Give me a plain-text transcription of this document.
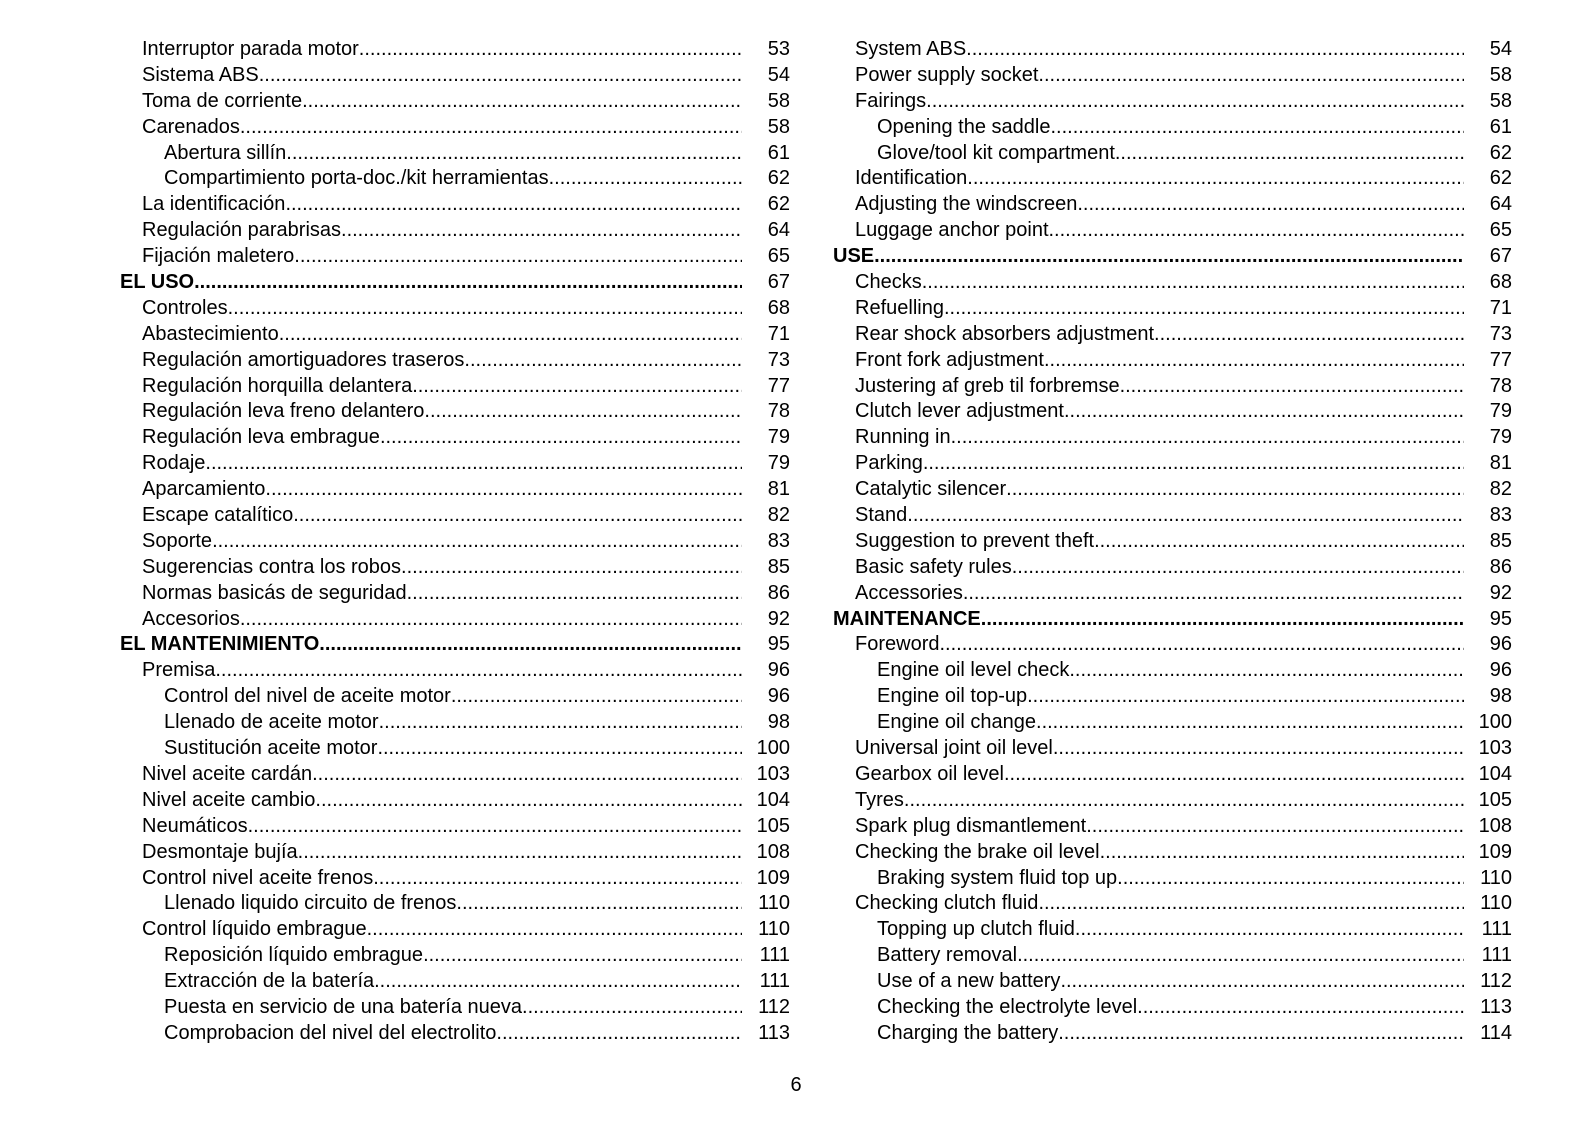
Interruptor parada motor .....	53
Sistema ABS .....	54
Toma de corriente .....	58
Carenados .....	58
Abertura sillín .....	61
Compartimiento porta-doc./kit herramientas .....	62
La identificación .....	62
Regulación parabrisas .....	64
Fijación maletero .....	65
EL USO .....	67
Controles .....	68
Abastecimiento .....	71
Regulación amortiguadores traseros .....	73
Regulación horquilla delantera .....	77
Regulación leva freno delantero .....	78
Regulación leva embrague .....	79
Rodaje .....	79
Aparcamiento .....	81
Escape catalítico .....	82
Soporte .....	83
Sugerencias contra los robos .....	85
Normas basicás de seguridad .....	86
Accesorios .....	92
EL MANTENIMIENTO .....	95
Premisa .....	96
Control del nivel de aceite motor .....	96
Llenado de aceite motor .....	98
Sustitución aceite motor .....	100
Nivel aceite cardán .....	103
Nivel aceite cambio .....	104
Neumáticos .....	105
Desmontaje bujía .....	108
Control nivel aceite frenos .....	109
Llenado liquido circuito de frenos .....	110
Control líquido embrague .....	110
Reposición líquido embrague .....	111
Extracción de la batería .....	111
Puesta en servicio de una batería nueva .....	112
Comprobacion del nivel del electrolito .....	113
System ABS .....	54
Power supply socket .....	58
Fairings .....	58
Opening the saddle .....	61
Glove/tool kit compartment .....	62
Identification .....	62
Adjusting the windscreen .....	64
Luggage anchor point .....	65
USE .....	67
Checks .....	68
Refuelling .....	71
Rear shock absorbers adjustment .....	73
Front fork adjustment .....	77
Justering af greb til forbremse .....	78
Clutch lever adjustment .....	79
Running in .....	79
Parking .....	81
Catalytic silencer .....	82
Stand .....	83
Suggestion to prevent theft .....	85
Basic safety rules .....	86
Accessories .....	92
MAINTENANCE .....	95
Foreword .....	96
Engine oil level check .....	96
Engine oil top-up .....	98
Engine oil change .....	100
Universal joint oil level .....	103
Gearbox oil level .....	104
Tyres .....	105
Spark plug dismantlement .....	108
Checking the brake oil level .....	109
Braking system fluid top up. .....	110
Checking clutch fluid .....	110
Topping up clutch fluid .....	111
Battery removal .....	111
Use of a new battery .....	112
Checking the electrolyte level .....	113
Charging the battery .....	114
6
